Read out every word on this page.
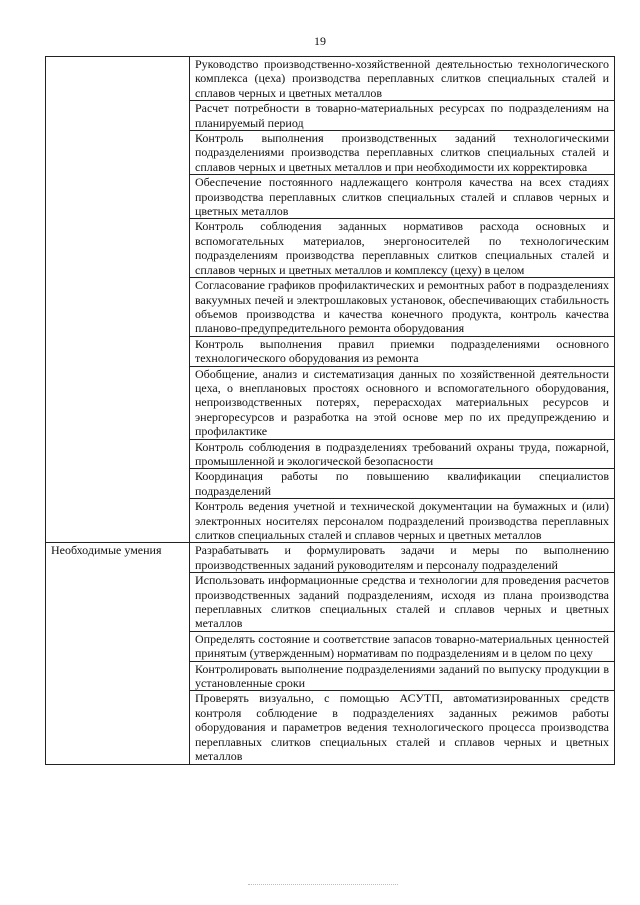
19
	Руководство производственно-хозяйственной деятельностью технологического комплекса (цеха) производства переплавных слитков специальных сталей и сплавов черных и цветных металлов
	Расчет потребности в товарно-материальных ресурсах по подразделениям на планируемый период
	Контроль выполнения производственных заданий технологическими подразделениями производства переплавных слитков специальных сталей и сплавов черных и цветных металлов и при необходимости их корректировка
	Обеспечение постоянного надлежащего контроля качества на всех стадиях производства переплавных слитков специальных сталей и сплавов черных и цветных металлов
	Контроль соблюдения заданных нормативов расхода основных и вспомогательных материалов, энергоносителей по технологическим подразделениям производства переплавных слитков специальных сталей и сплавов черных и цветных металлов и комплексу (цеху) в целом
	Согласование графиков профилактических и ремонтных работ в подразделениях вакуумных печей и электрошлаковых установок, обеспечивающих стабильность объемов производства и качества конечного продукта, контроль качества планово-предупредительного ремонта оборудования
	Контроль выполнения правил приемки подразделениями основного технологического оборудования из ремонта
	Обобщение, анализ и систематизация данных по хозяйственной деятельности цеха, о внеплановых простоях основного и вспомогательного оборудования, непроизводственных потерях, перерасходах материальных ресурсов и энергоресурсов и разработка на этой основе мер по их предупреждению и профилактике
	Контроль соблюдения в подразделениях требований охраны труда, пожарной, промышленной и экологической безопасности
	Координация работы по повышению квалификации специалистов подразделений
	Контроль ведения учетной и технической документации на бумажных и (или) электронных носителях персоналом подразделений производства переплавных слитков специальных сталей и сплавов черных и цветных металлов
Необходимые умения	Разрабатывать и формулировать задачи и меры по выполнению производственных заданий руководителям и персоналу подразделений
	Использовать информационные средства и технологии для проведения расчетов производственных заданий подразделениям, исходя из плана производства переплавных слитков специальных сталей и сплавов черных и цветных металлов
	Определять состояние и соответствие запасов товарно-материальных ценностей принятым (утвержденным) нормативам по подразделениям и в целом по цеху
	Контролировать выполнение подразделениями заданий по выпуску продукции в установленные сроки
	Проверять визуально, с помощью АСУТП, автоматизированных средств контроля соблюдение в подразделениях заданных режимов работы оборудования и параметров ведения технологического процесса производства переплавных слитков специальных сталей и сплавов черных и цветных металлов
